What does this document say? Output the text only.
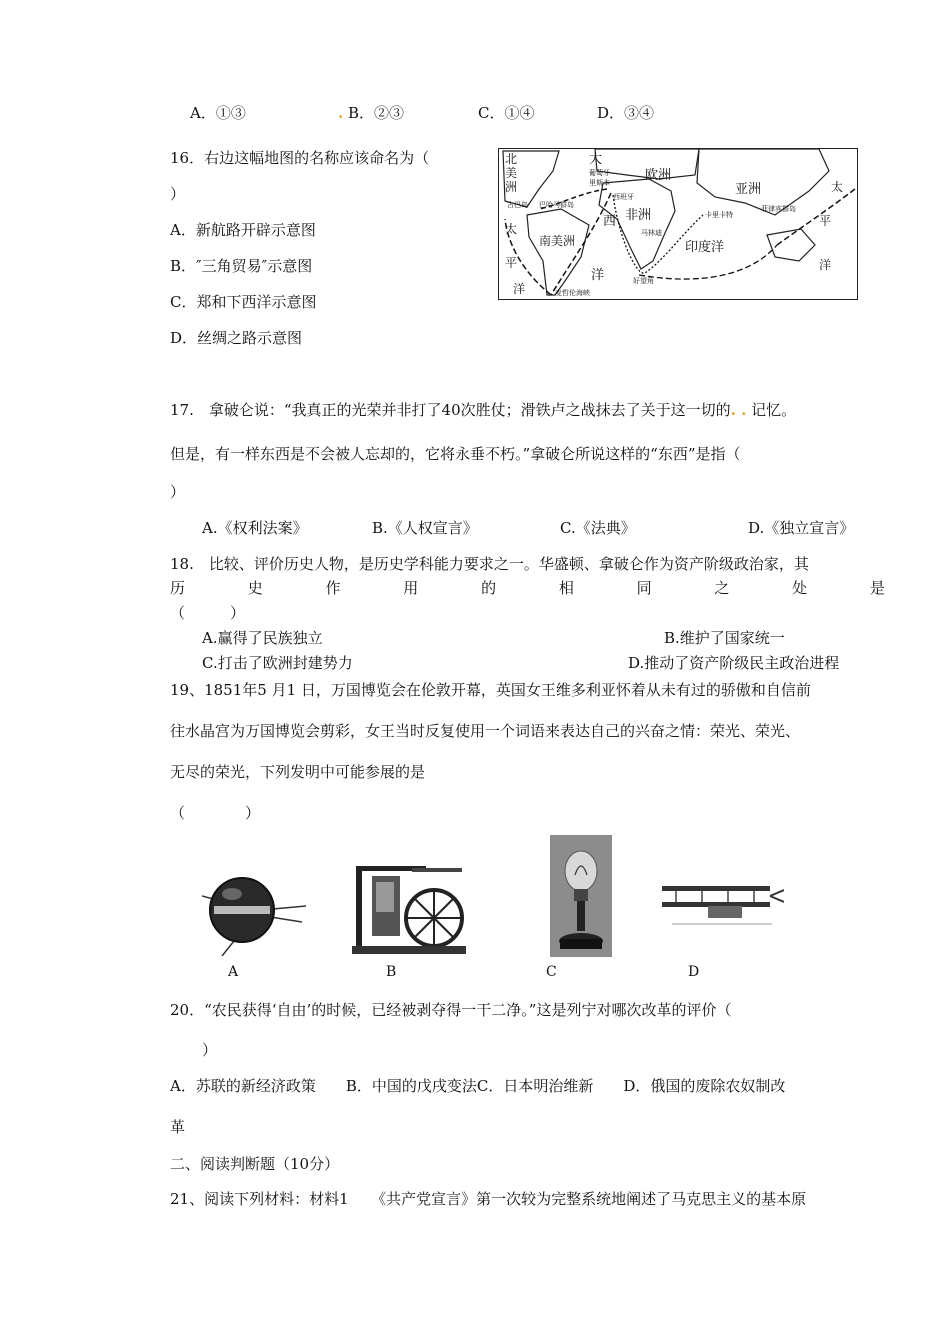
A．①③	. B．②③	C．①④	D．③④
16．右边这幅地图的名称应该命名为（
）
A．新航路开辟示意图
B．″三角贸易″示意图
C．郑和下西洋示意图
D．丝绸之路示意图
北
美
洲
大
欧洲
亚洲
非洲
南美洲	印度洋
西
洋
太
平
洋
太
平
洋
葡萄牙
里斯本
西班牙
古巴岛 巴哈马群岛
卡里卡特
马林迪
菲律宾群岛
好望角
麦哲伦海峡
17.　拿破仑说：“我真正的光荣并非打了40次胜仗；滑铁卢之战抹去了关于这一切的. . 记忆。
但是，有一样东西是不会被人忘却的，它将永垂不朽。”拿破仑所说这样的“东西”是指（
）
A.《权利法案》	B.《人权宣言》	C.《法典》	D.《独立宣言》
18.　比较、评价历史人物，是历史学科能力要求之一。华盛顿、拿破仑作为资产阶级政治家，其
历	史	作	用	的	相	同	之	处	是
（　　　）
A.赢得了民族独立	B.维护了国家统一
C.打击了欧洲封建势力	D.推动了资产阶级民主政治进程
19、1851年5 月1 日，万国博览会在伦敦开幕，英国女王维多利亚怀着从未有过的骄傲和自信前
往水晶宫为万国博览会剪彩，女王当时反复使用一个词语来表达自己的兴奋之情：荣光、荣光、
无尽的荣光，下列发明中可能参展的是
（　　　　）
A	B	C	D
20．“农民获得‘自由’的时候，已经被剥夺得一干二净。”这是列宁对哪次改革的评价（
）
A．苏联的新经济政策　　B．中国的戊戌变法C．日本明治维新　　D．俄国的废除农奴制改
革
二、阅读判断题（10分）
21、阅读下列材料：材料1　　《共产党宣言》第一次较为完整系统地阐述了马克思主义的基本原
